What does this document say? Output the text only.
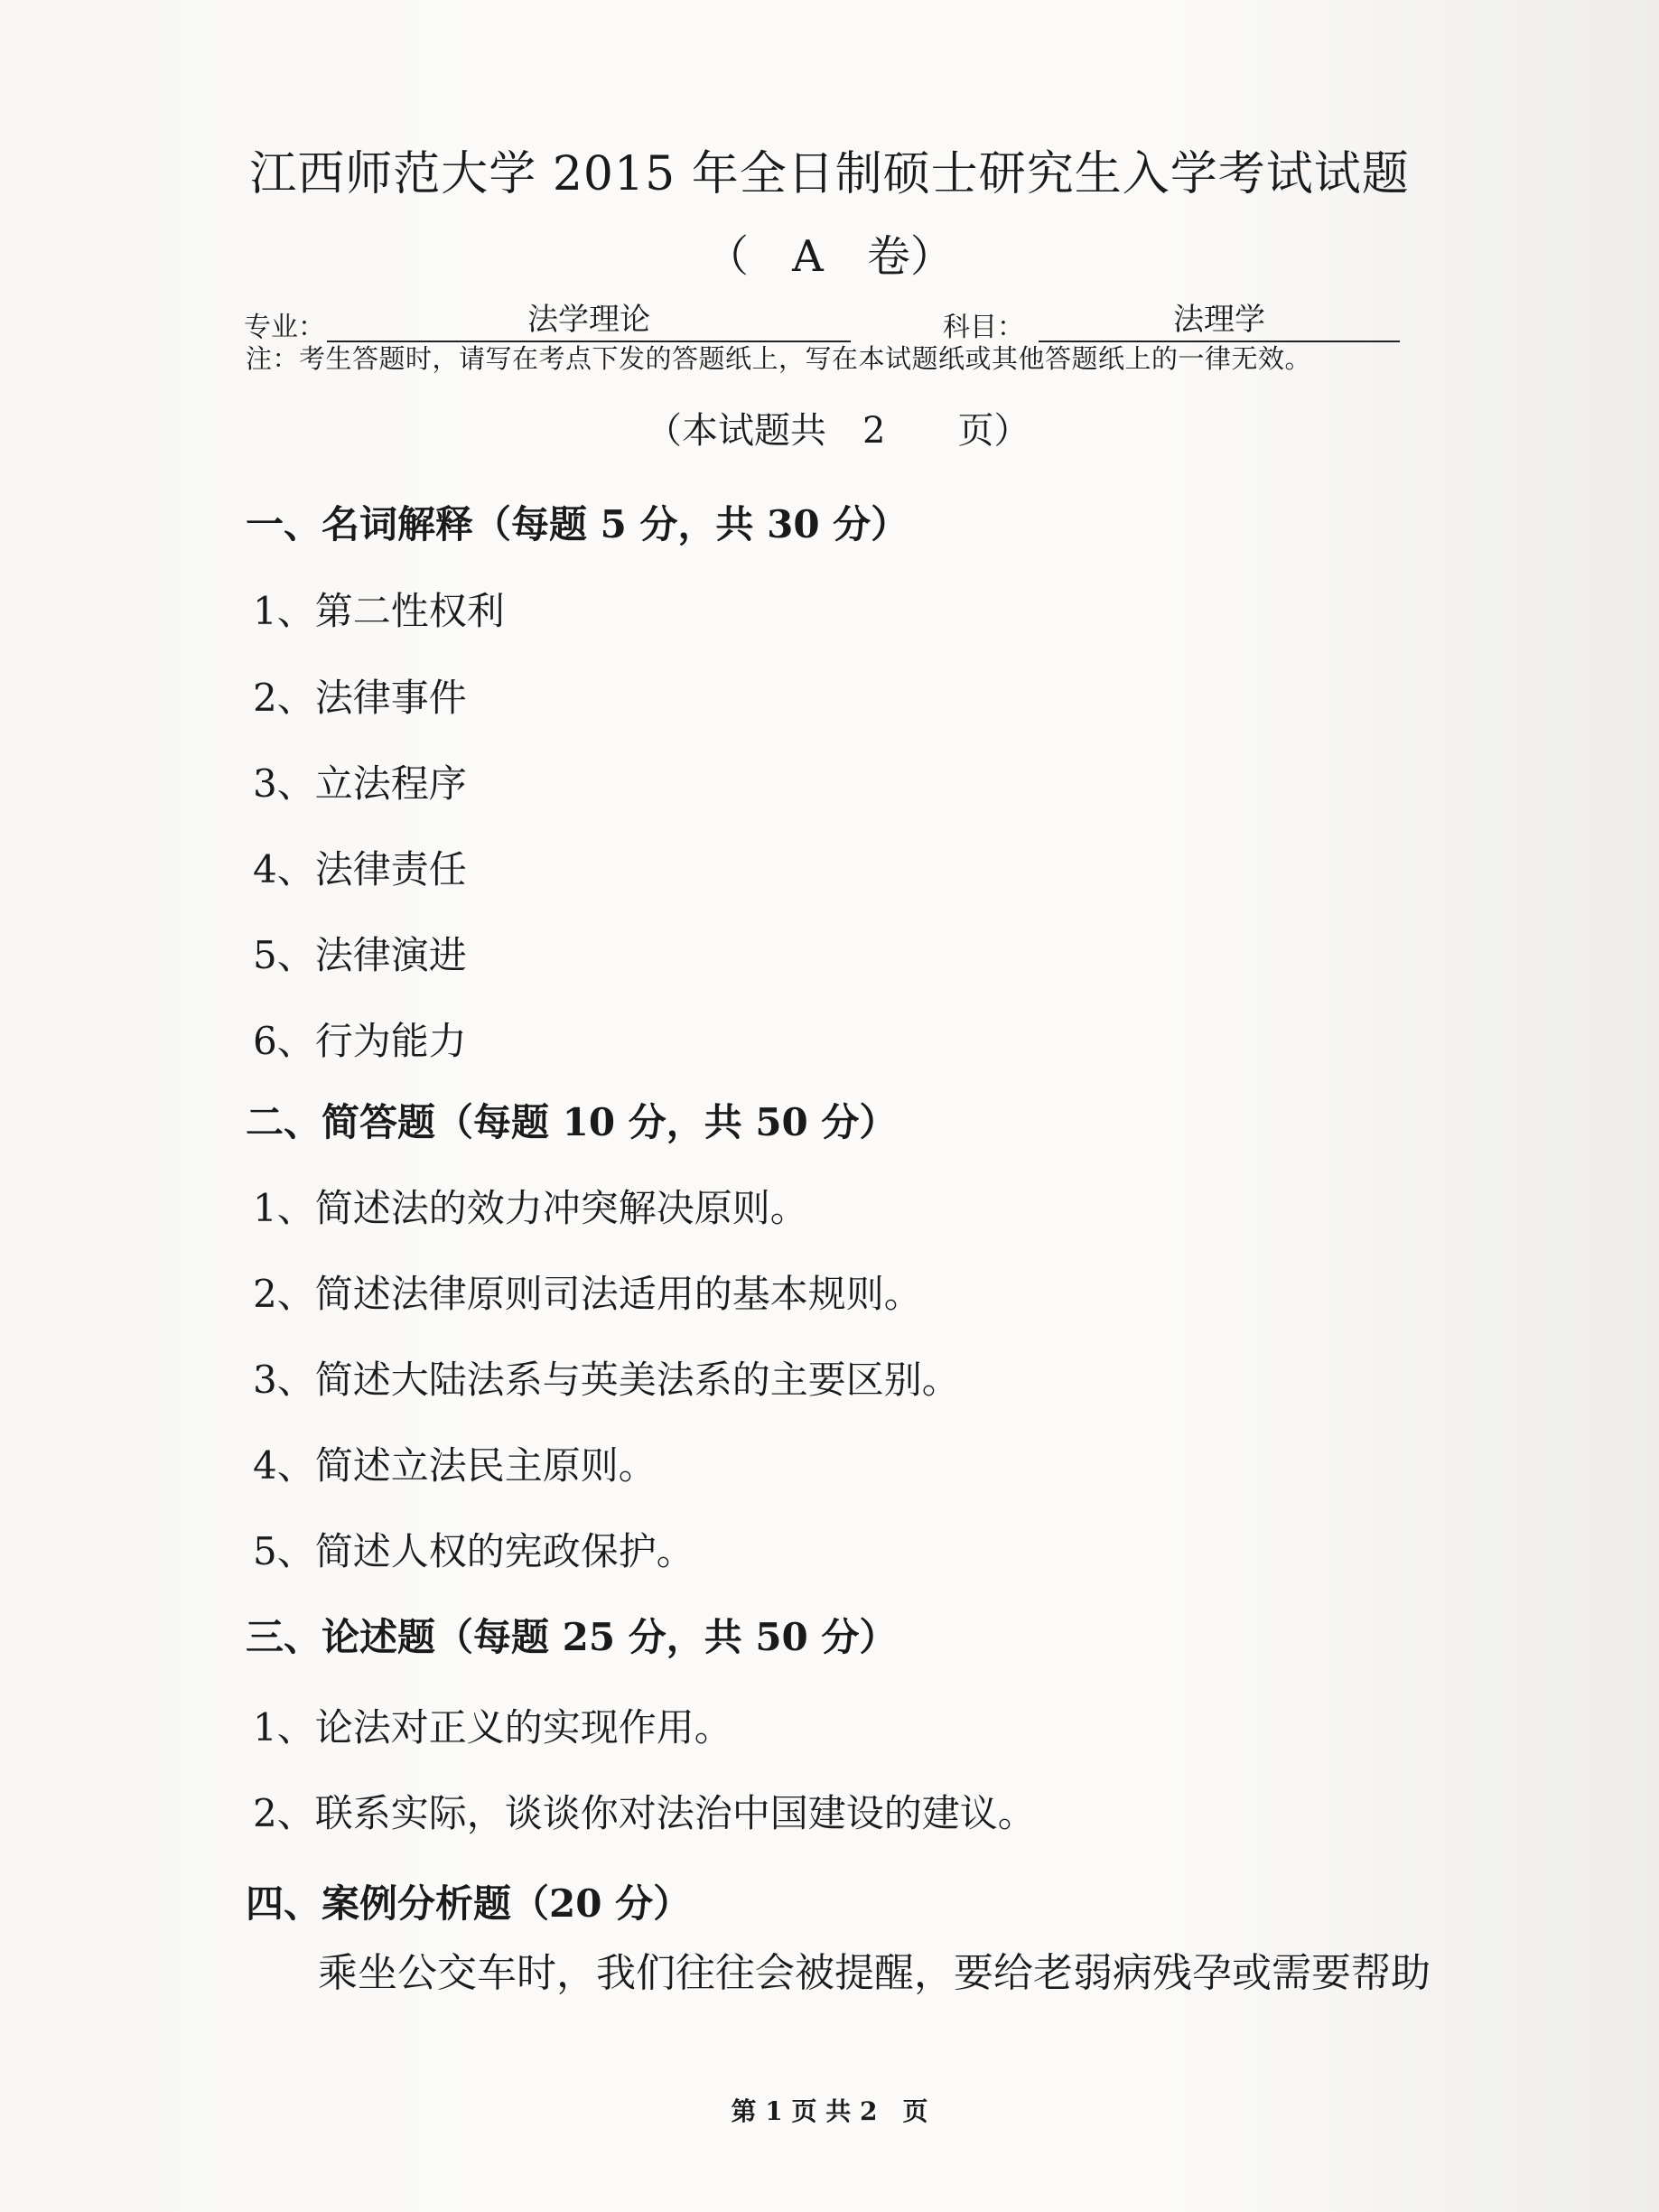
江西师范大学 2015 年全日制硕士研究生入学考试试题
（　A　卷）
专业：	法学理论	科目：	法理学
注：考生答题时，请写在考点下发的答题纸上，写在本试题纸或其他答题纸上的一律无效。
（本试题共　2　　页）
一、名词解释（每题 5 分，共 30 分）
1、第二性权利
2、法律事件
3、立法程序
4、法律责任
5、法律演进
6、行为能力
二、简答题（每题 10 分，共 50 分）
1、简述法的效力冲突解决原则。
2、简述法律原则司法适用的基本规则。
3、简述大陆法系与英美法系的主要区别。
4、简述立法民主原则。
5、简述人权的宪政保护。
三、论述题（每题 25 分，共 50 分）
1、论法对正义的实现作用。
2、联系实际，谈谈你对法治中国建设的建议。
四、案例分析题（20 分）
乘坐公交车时，我们往往会被提醒，要给老弱病残孕或需要帮助
第 1 页 共 2　页
